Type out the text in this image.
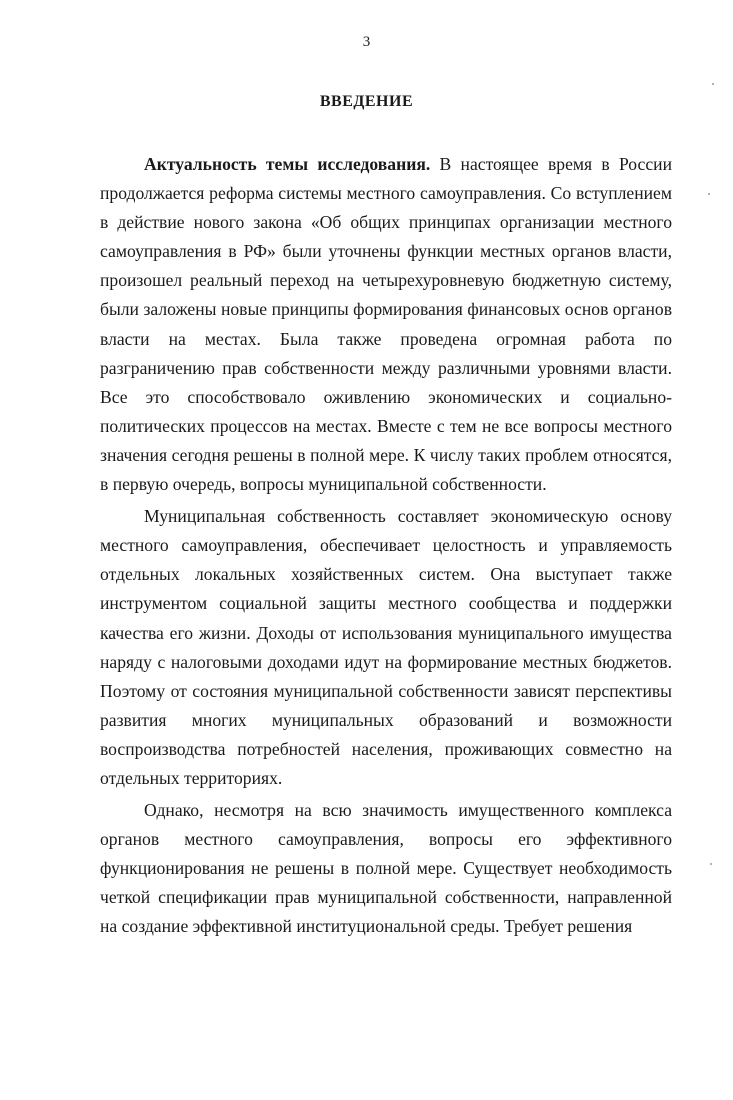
3
ВВЕДЕНИЕ

Актуальность темы исследования. В настоящее время в России продолжается реформа системы местного самоуправления. Со вступлением в действие нового закона «Об общих принципах организации местного самоуправления в РФ» были уточнены функции местных органов власти, произошел реальный переход на четырехуровневую бюджетную систему, были заложены новые принципы формирования финансовых основ органов власти на местах. Была также проведена огромная работа по разграничению прав собственности между различными уровнями власти. Все это способствовало оживлению экономических и социально-политических процессов на местах. Вместе с тем не все вопросы местного значения сегодня решены в полной мере. К числу таких проблем относятся, в первую очередь, вопросы муниципальной собственности.

Муниципальная собственность составляет экономическую основу местного самоуправления, обеспечивает целостность и управляемость отдельных локальных хозяйственных систем. Она выступает также инструментом социальной защиты местного сообщества и поддержки качества его жизни. Доходы от использования муниципального имущества наряду с налоговыми доходами идут на формирование местных бюджетов. Поэтому от состояния муниципальной собственности зависят перспективы развития многих муниципальных образований и возможности воспроизводства потребностей населения, проживающих совместно на отдельных территориях.

Однако, несмотря на всю значимость имущественного комплекса органов местного самоуправления, вопросы его эффективного функционирования не решены в полной мере. Существует необходимость четкой спецификации прав муниципальной собственности, направленной на создание эффективной институциональной среды. Требует решения
